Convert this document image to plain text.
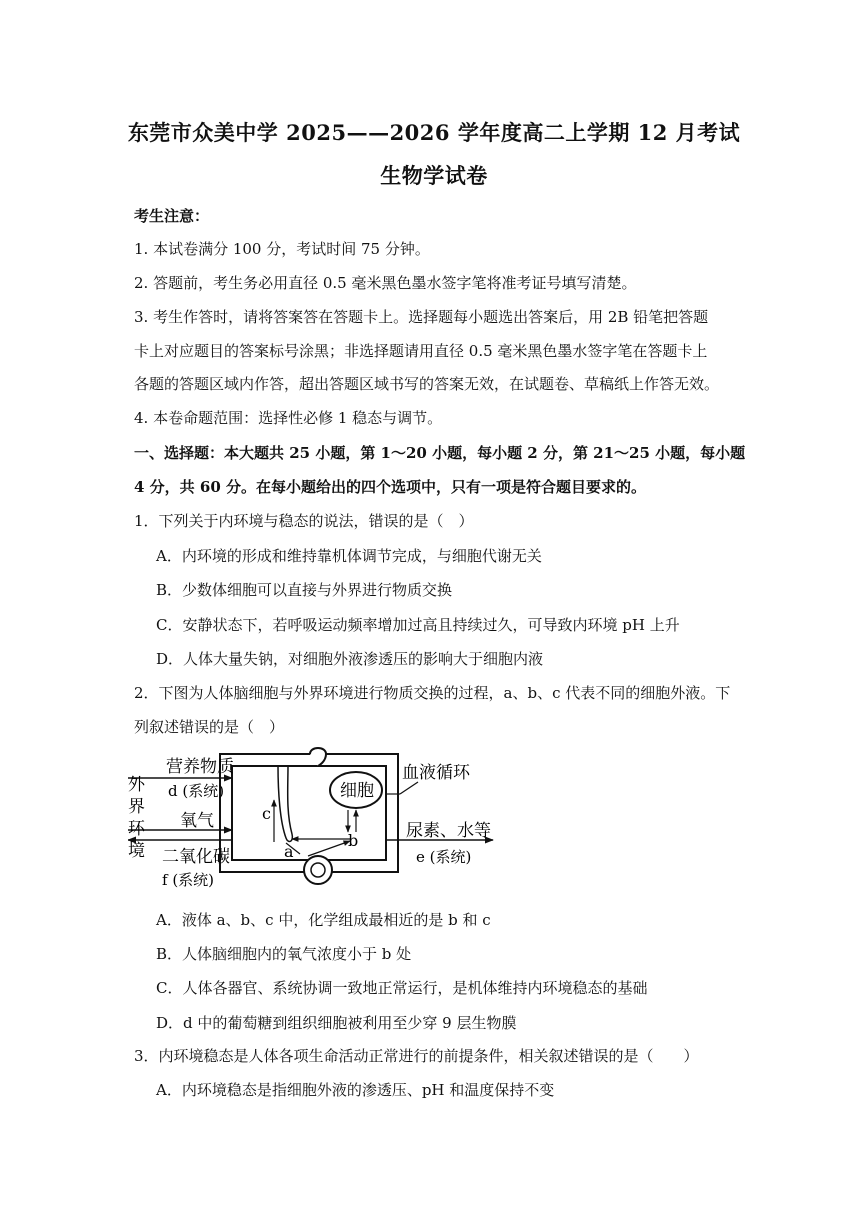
东莞市众美中学 2025——2026 学年度高二上学期 12 月考试
生物学试卷
考生注意：
1. 本试卷满分 100 分，考试时间 75 分钟。
2. 答题前，考生务必用直径 0.5 毫米黑色墨水签字笔将准考证号填写清楚。
3. 考生作答时，请将答案答在答题卡上。选择题每小题选出答案后，用 2B 铅笔把答题
卡上对应题目的答案标号涂黑；非选择题请用直径 0.5 毫米黑色墨水签字笔在答题卡上
各题的答题区域内作答，超出答题区域书写的答案无效，在试题卷、草稿纸上作答无效。
4. 本卷命题范围：选择性必修 1 稳态与调节。
一、选择题：本大题共 25 小题，第 1～20 小题，每小题 2 分，第 21～25 小题，每小题
4 分，共 60 分。在每小题给出的四个选项中，只有一项是符合题目要求的。
1．下列关于内环境与稳态的说法，错误的是（　）
A．内环境的形成和维持靠机体调节完成，与细胞代谢无关
B．少数体细胞可以直接与外界进行物质交换
C．安静状态下，若呼吸运动频率增加过高且持续过久，可导致内环境 pH 上升
D．人体大量失钠，对细胞外液渗透压的影响大于细胞内液
2．下图为人体脑细胞与外界环境进行物质交换的过程，a、b、c 代表不同的细胞外液。下
列叙述错误的是（　）
外
界
环
境
营养物质
d (系统)
氧气
二氧化碳
f (系统)
细胞
血液循环
尿素、水等
e (系统)
a
b
c
A．液体 a、b、c 中，化学组成最相近的是 b 和 c
B．人体脑细胞内的氧气浓度小于 b 处
C．人体各器官、系统协调一致地正常运行，是机体维持内环境稳态的基础
D．d 中的葡萄糖到组织细胞被利用至少穿 9 层生物膜
3．内环境稳态是人体各项生命活动正常进行的前提条件，相关叙述错误的是（　　）
A．内环境稳态是指细胞外液的渗透压、pH 和温度保持不变
